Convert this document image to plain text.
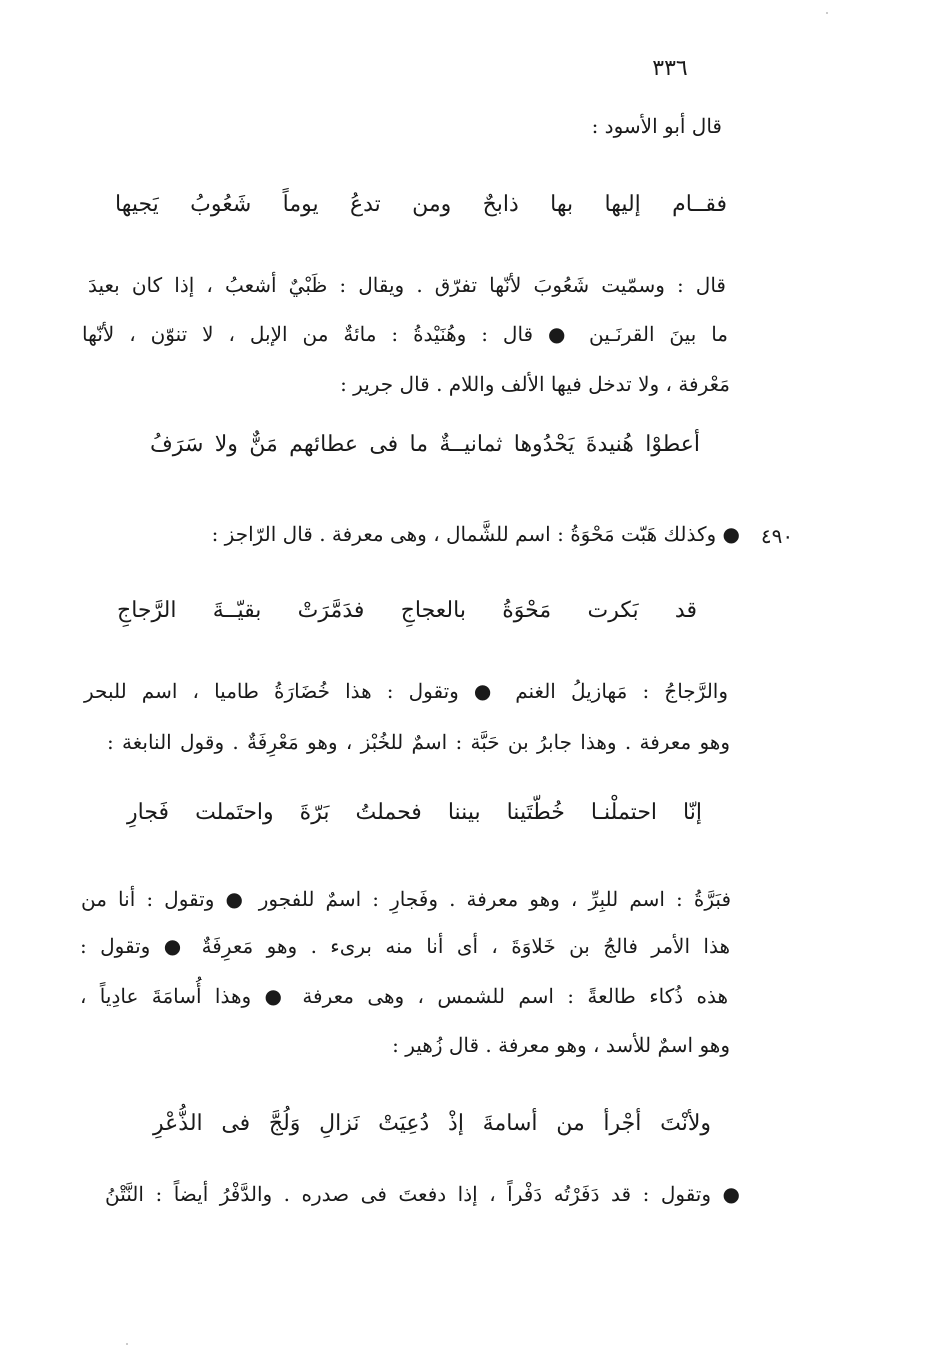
٣٣٦
قال أبو الأسود :
فقــام إليها بها ذابحٌ ومن تدعُ يوماً شَعُوبُ يَجيها
قال : وسمّيت شَعُوبَ لأنّها تفرّق . ويقال : ظَبْيٌ أشعبُ ، إذا كان بعيدَ
ما بينَ القرنَـين ● قال : وهُنَيْدةُ : مائةٌ من الإبل ، لا تنوّن ، لأنّها
مَعْرفة ، ولا تدخل فيها الألف واللام . قال جرير :
أعطوْا هُنيدةَ يَحْدُوها ثمانيــةٌ ما فى عطائهم مَنٌّ ولا سَرَفُ
٤٩٠
● وكذلك هَبّت مَحْوَةُ : اسم للشَّمال ، وهى معرفة . قال الرّاجز :
قد بَكرت مَحْوَةُ بالعجاجِ فدَمَّرَتْ بقيّــةَ الرَّجاجِ
والرَّجاجُ : مَهازيلُ الغنم ● وتقول : هذا خُضَارَةُ طاميا ، اسم للبحر
وهو معرفة . وهذا جابرُ بن حَبَّة : اسمٌ للخُبْز ، وهو مَعْرِفَةٌ . وقول النابغة :
إنّا احتملْنـا خُطّتَينا بيننا فحملتُ بَرّةَ واحتَملت فَجارِ
فبَرَّةُ : اسم للبِرِّ ، وهو معرفة . وفَجارِ : اسمٌ للفجور ● وتقول : أنا من
هذا الأمر فالجُ بن خَلاوَةَ ، أى أنا منه برىء . وهو مَعرِفَةٌ ● وتقول :
هذه ذُكاء طالعةً : اسم للشمس ، وهى معرفة ● وهذا أُسامَةَ عادِياً ،
وهو اسمٌ للأسد ، وهو معرفة . قال زُهير :
ولأنْتَ أجْرأ من أسامةَ إذْ دُعِيَتْ نَزالِ وَلُجَّ فى الذُّعْرِ
● وتقول : قد دَفَرْتُه دَفْراً ، إذا دفعتَ فى صدره . والدَّفْرُ أيضاً : النَّتْنُ
